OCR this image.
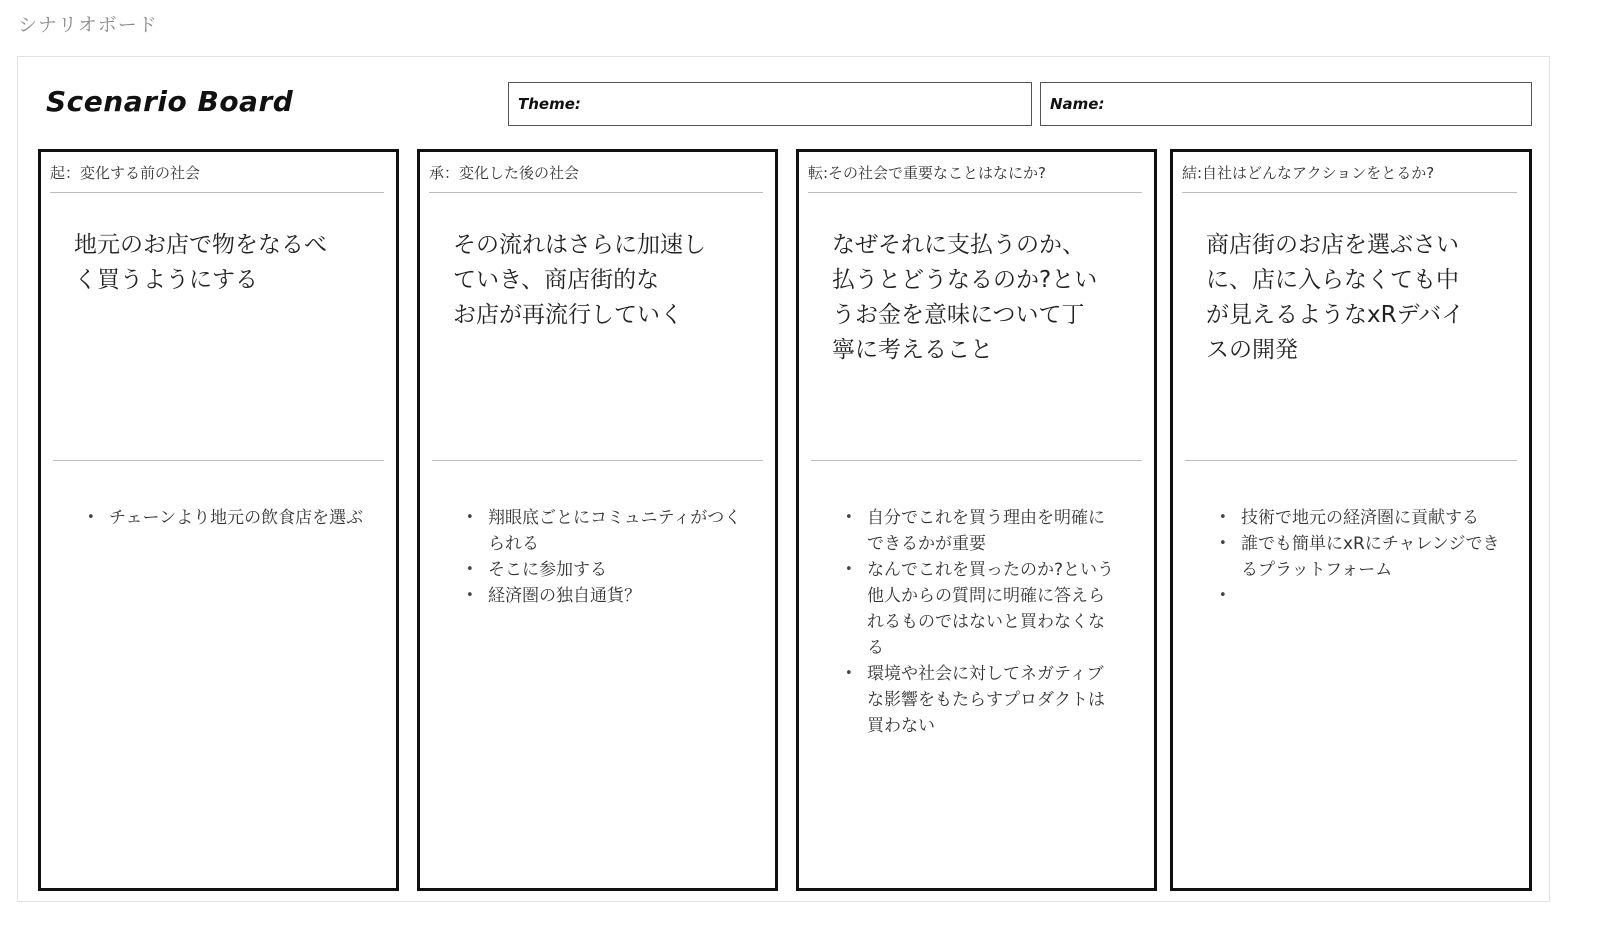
シナリオボード
Scenario Board	Theme:	Name:
起：変化する前の社会
地元のお店で物をなるべ
く買うようにする
• チェーンより地元の飲食店を選ぶ
承：変化した後の社会
その流れはさらに加速し
ていき、商店街的な
お店が再流行していく
• 翔眼底ごとにコミュニティがつくられる
• そこに参加する
• 経済圏の独自通貨？
転:その社会で重要なことはなにか?
なぜそれに支払うのか、
払うとどうなるのか?とい
うお金を意味について丁
寧に考えること
• 自分でこれを買う理由を明確にできるかが重要
• なんでこれを買ったのか?という他人からの質問に明確に答えられるものではないと買わなくなる
• 環境や社会に対してネガティブな影響をもたらすプロダクトは買わない
結:自社はどんなアクションをとるか?
商店街のお店を選ぶさい
に、店に入らなくても中
が見えるようなxRデバイ
スの開発
• 技術で地元の経済圏に貢献する
• 誰でも簡単にxRにチャレンジできるプラットフォーム
•
